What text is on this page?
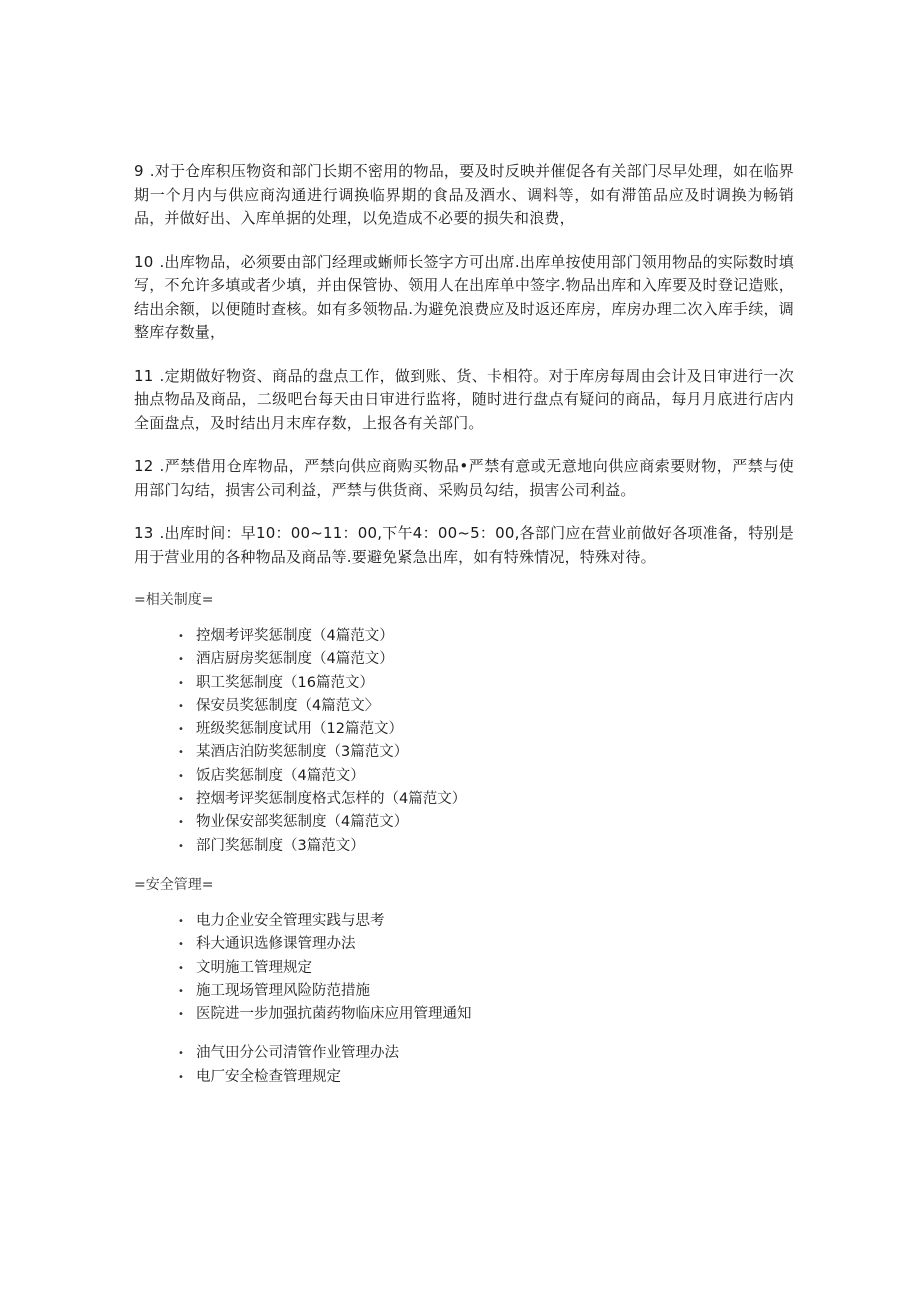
9 .对于仓库积压物资和部门长期不密用的物品，要及时反映并催促各有关部门尽早处理，如在临界期一个月内与供应商沟通进行调换临界期的食品及酒水、调料等，如有滞笛品应及时调换为畅销品，并做好出、入库单据的处理，以免造成不必要的损失和浪费，

10 .出库物品，必须要由部门经理或蜥师长签字方可出席.出库单按使用部门领用物品的实际数时填写，不允许多填或者少填，并由保管协、领用人在出库单中签字.物品出库和入库要及时登记造账，结出余额，以便随时查核。如有多领物品.为避免浪费应及时返还库房，库房办理二次入库手续，调整库存数量，

11 .定期做好物资、商品的盘点工作，做到账、货、卡相符。对于库房每周由会计及日审进行一次抽点物品及商品，二级吧台每天由日审进行监将，随时进行盘点有疑问的商品，每月月底进行店内全面盘点，及时结出月末库存数，上报各有关部门。

12 .严禁借用仓库物品，严禁向供应商购买物品•严禁有意或无意地向供应商索要财物，严禁与使用部门勾结，损害公司利益，严禁与供货商、采购员勾结，损害公司利益。

13 .出库时间：早10：00~11：00,下午4：00~5：00,各部门应在营业前做好各项准备，特别是用于营业用的各种物品及商品等.要避免紧急出库，如有特殊情况，特殊对待。

=相关制度=
• 控烟考评奖惩制度（4篇范文）
• 酒店厨房奖惩制度（4篇范文）
• 职工奖惩制度（16篇范文）
• 保安员奖惩制度（4篇范文〉
• 班级奖惩制度试用（12篇范文）
• 某酒店泊防奖惩制度（3篇范文）
• 饭店奖惩制度（4篇范文）
• 控烟考评奖惩制度格式怎样的（4篇范文）
• 物业保安部奖惩制度（4篇范文）
• 部门奖惩制度（3篇范文）
=安全管理=
• 电力企业安全管理实践与思考
• 科大通识选修课管理办法
• 文明施工管理规定
• 施工现场管理风险防范措施
• 医院进一步加强抗菌药物临床应用管理通知
• 油气田分公司清管作业管理办法
• 电厂安全检查管理规定
